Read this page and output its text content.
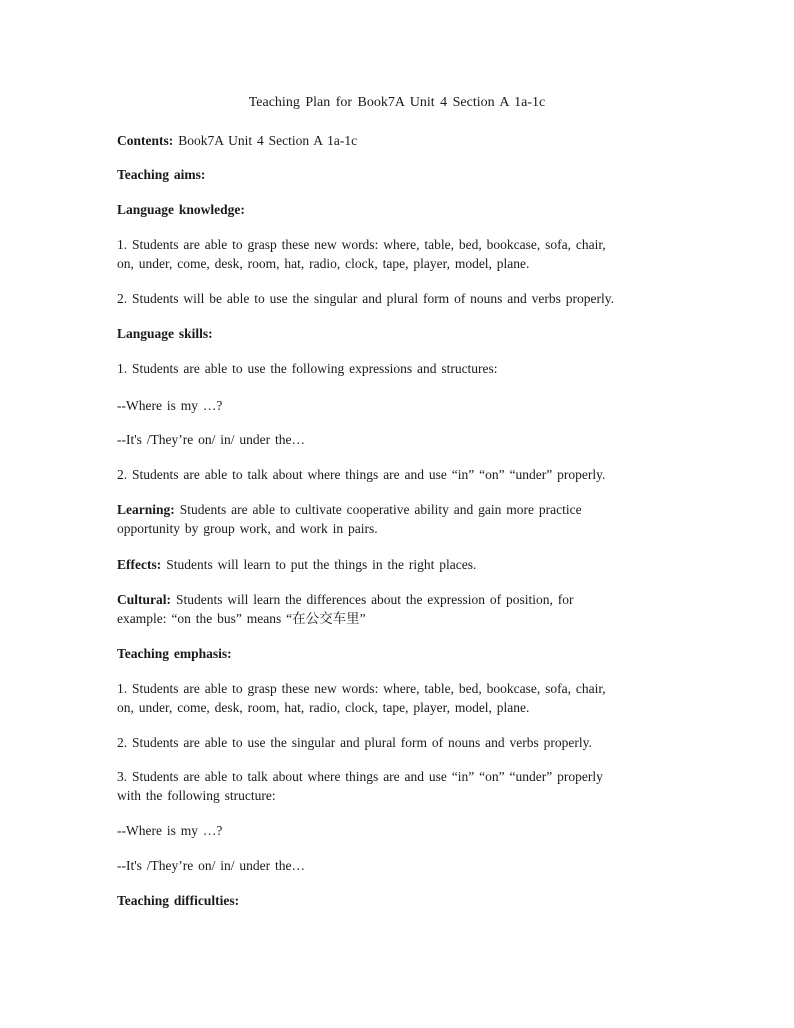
Teaching Plan for Book7A Unit 4 Section A 1a-1c
Contents: Book7A Unit 4 Section A 1a-1c
Teaching aims:
Language knowledge:
1. Students are able to grasp these new words: where, table, bed, bookcase, sofa, chair,
on, under, come, desk, room, hat, radio, clock, tape, player, model, plane.
2. Students will be able to use the singular and plural form of nouns and verbs properly.
Language skills:
1. Students are able to use the following expressions and structures:
--Where is my …?
--It's /They’re on/ in/ under the…
2. Students are able to talk about where things are and use “in” “on” “under” properly.
Learning: Students are able to cultivate cooperative ability and gain more practice
opportunity by group work, and work in pairs.
Effects: Students will learn to put the things in the right places.
Cultural: Students will learn the differences about the expression of position, for
example: “on the bus” means “在公交车里”
Teaching emphasis:
1. Students are able to grasp these new words: where, table, bed, bookcase, sofa, chair,
on, under, come, desk, room, hat, radio, clock, tape, player, model, plane.
2. Students are able to use the singular and plural form of nouns and verbs properly.
3. Students are able to talk about where things are and use “in” “on” “under” properly
with the following structure:
--Where is my …?
--It's /They’re on/ in/ under the…
Teaching difficulties:
